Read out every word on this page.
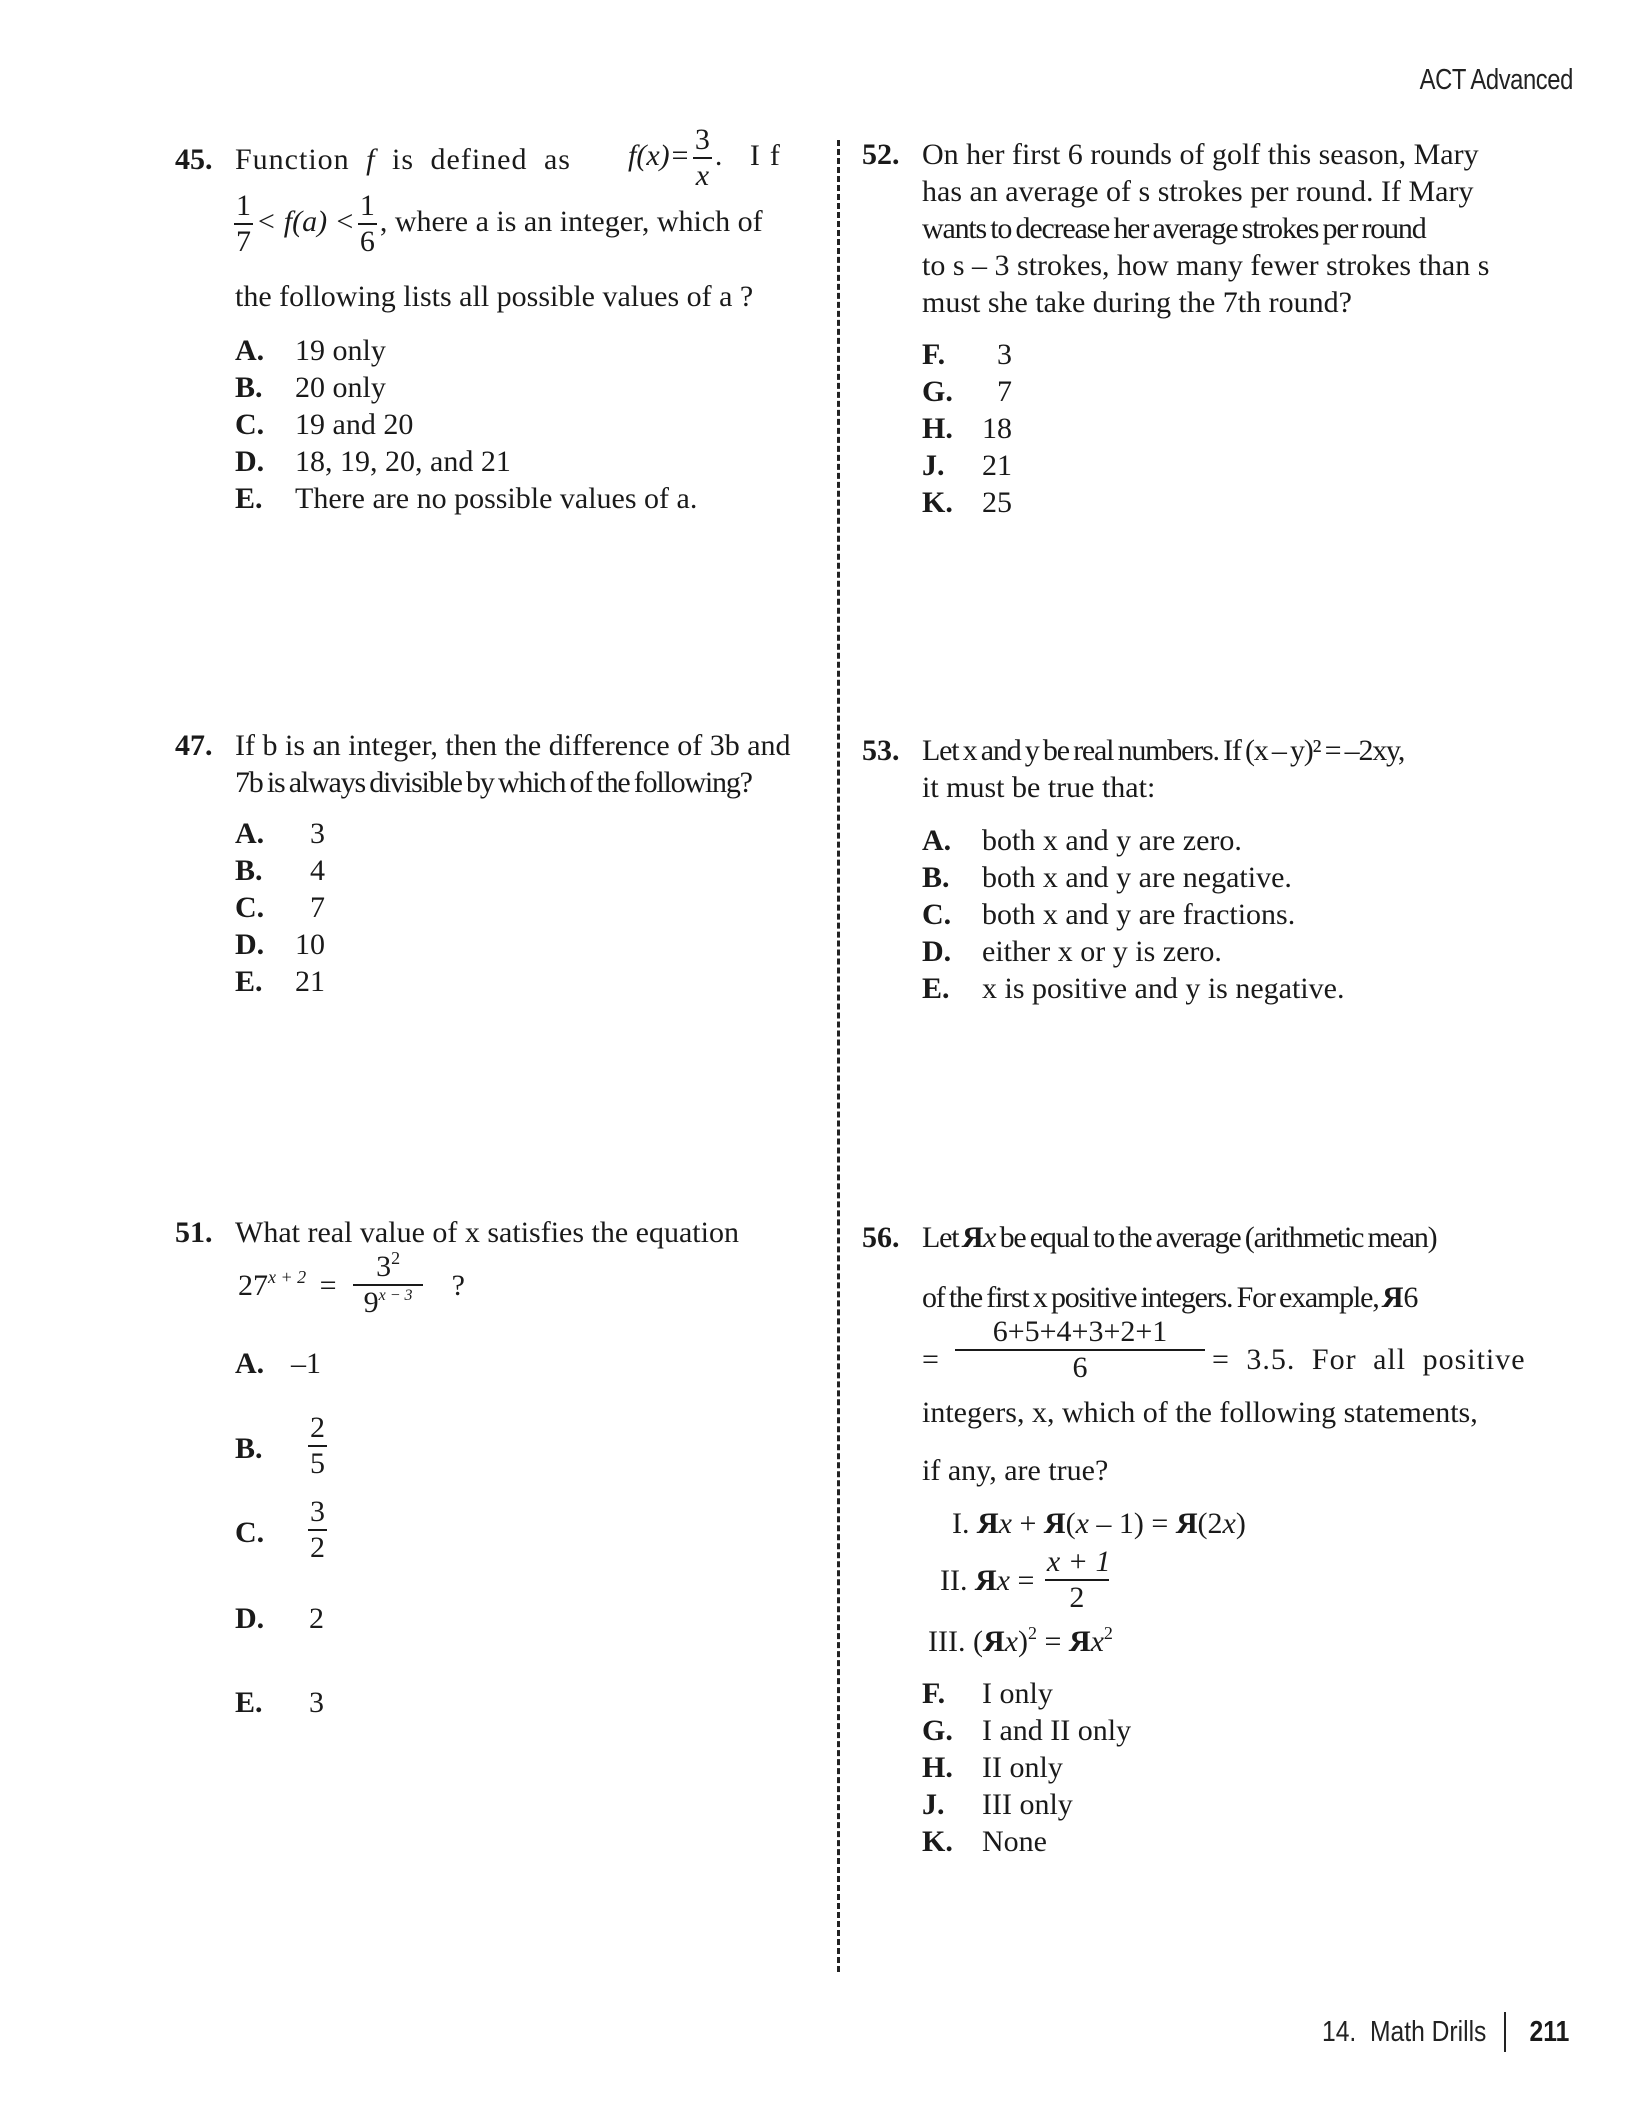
ACT Advanced
45. Function f is defined as $f(x)= \frac{3}{x}$ . If
$\frac{1}{7} < f(a) < \frac{1}{6}$ , where a is an integer, which of
the following lists all possible values of a ?
A. 19 only
B. 20 only
C. 19 and 20
D. 18, 19, 20, and 21
E. There are no possible values of a.
52. On her first 6 rounds of golf this season, Mary
has an average of s strokes per round. If Mary
wants to decrease her average strokes per round
to s – 3 strokes, how many fewer strokes than s
must she take during the 7th round?
F.	3
G.	7
H. 18
J.	21
K. 25
47. If b is an integer, then the difference of 3b and
7b is always divisible by which of the following?
A.	3
B.	4
C.	7
D.	10
E.	21
53. Let x and y be real numbers. If (x – y)² = –2xy,
it must be true that:
A. both x and y are zero.
B. both x and y are negative.
C. both x and y are fractions.
D. either x or y is zero.
E. x is positive and y is negative.
51. What real value of x satisfies the equation
$27^{x + 2} = \frac{3^2}{9^{x - 3}}$ ?
A. –1
B. $\frac{2}{5}$
C. $\frac{3}{2}$
D. 2
E. 3
56. Let Rx be equal to the average (arithmetic mean)
of the first x positive integers. For example, R6
= $\frac{6+5+4+3+2+1}{6} = 3.5$. For all positive
integers, x, which of the following statements,
if any, are true?
I. Rx + R(x – 1) = R(2x)
II. $Rx = \frac{x + 1}{2}$
III. $(Rx)^2 = Rx^2$
F. I only
G. I and II only
H. II only
J. III only
K. None
14.  Math Drills 211
